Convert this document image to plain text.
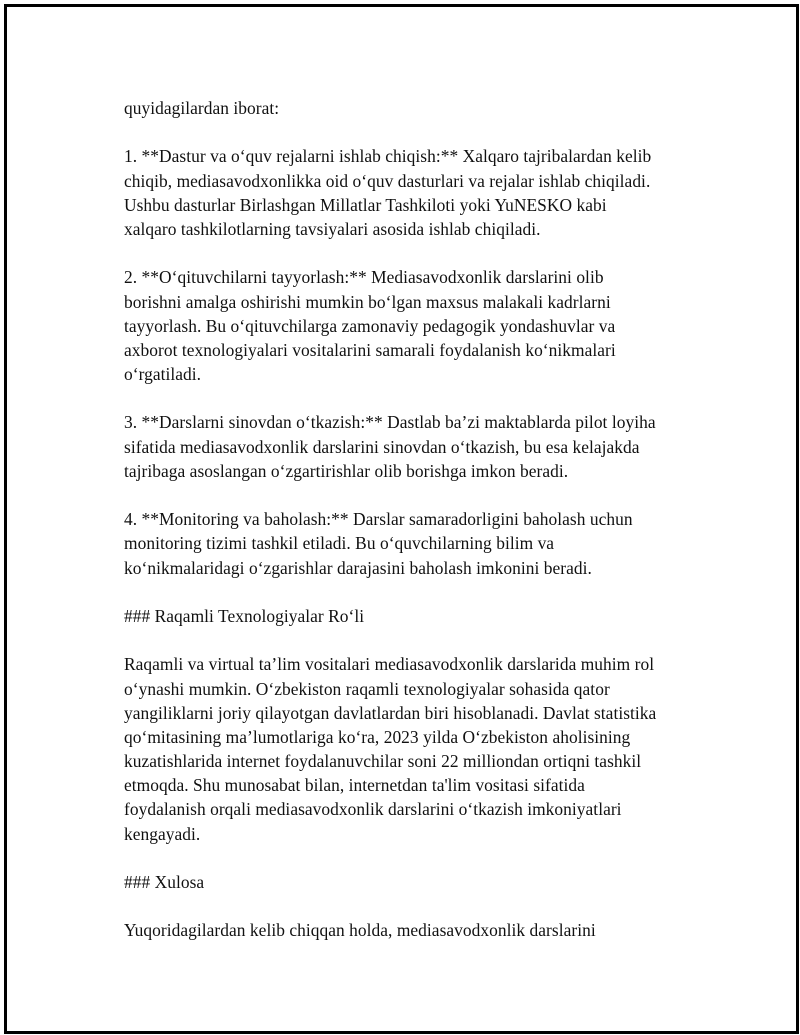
quyidagilardan iborat:
1. **Dastur va o‘quv rejalarni ishlab chiqish:** Xalqaro tajribalardan kelib
chiqib, mediasavodxonlikka oid o‘quv dasturlari va rejalar ishlab chiqiladi.
Ushbu dasturlar Birlashgan Millatlar Tashkiloti yoki YuNESKO kabi
xalqaro tashkilotlarning tavsiyalari asosida ishlab chiqiladi.
2. **O‘qituvchilarni tayyorlash:** Mediasavodxonlik darslarini olib
borishni amalga oshirishi mumkin bo‘lgan maxsus malakali kadrlarni
tayyorlash. Bu o‘qituvchilarga zamonaviy pedagogik yondashuvlar va
axborot texnologiyalari vositalarini samarali foydalanish ko‘nikmalari
o‘rgatiladi.
3. **Darslarni sinovdan o‘tkazish:** Dastlab ba’zi maktablarda pilot loyiha
sifatida mediasavodxonlik darslarini sinovdan o‘tkazish, bu esa kelajakda
tajribaga asoslangan o‘zgartirishlar olib borishga imkon beradi.
4. **Monitoring va baholash:** Darslar samaradorligini baholash uchun
monitoring tizimi tashkil etiladi. Bu o‘quvchilarning bilim va
ko‘nikmalaridagi o‘zgarishlar darajasini baholash imkonini beradi.
### Raqamli Texnologiyalar Ro‘li
Raqamli va virtual ta’lim vositalari mediasavodxonlik darslarida muhim rol
o‘ynashi mumkin. O‘zbekiston raqamli texnologiyalar sohasida qator
yangiliklarni joriy qilayotgan davlatlardan biri hisoblanadi. Davlat statistika
qo‘mitasining ma’lumotlariga ko‘ra, 2023 yilda O‘zbekiston aholisining
kuzatishlarida internet foydalanuvchilar soni 22 milliondan ortiqni tashkil
etmoqda. Shu munosabat bilan, internetdan ta'lim vositasi sifatida
foydalanish orqali mediasavodxonlik darslarini o‘tkazish imkoniyatlari
kengayadi.
### Xulosa
Yuqoridagilardan kelib chiqqan holda, mediasavodxonlik darslarini
